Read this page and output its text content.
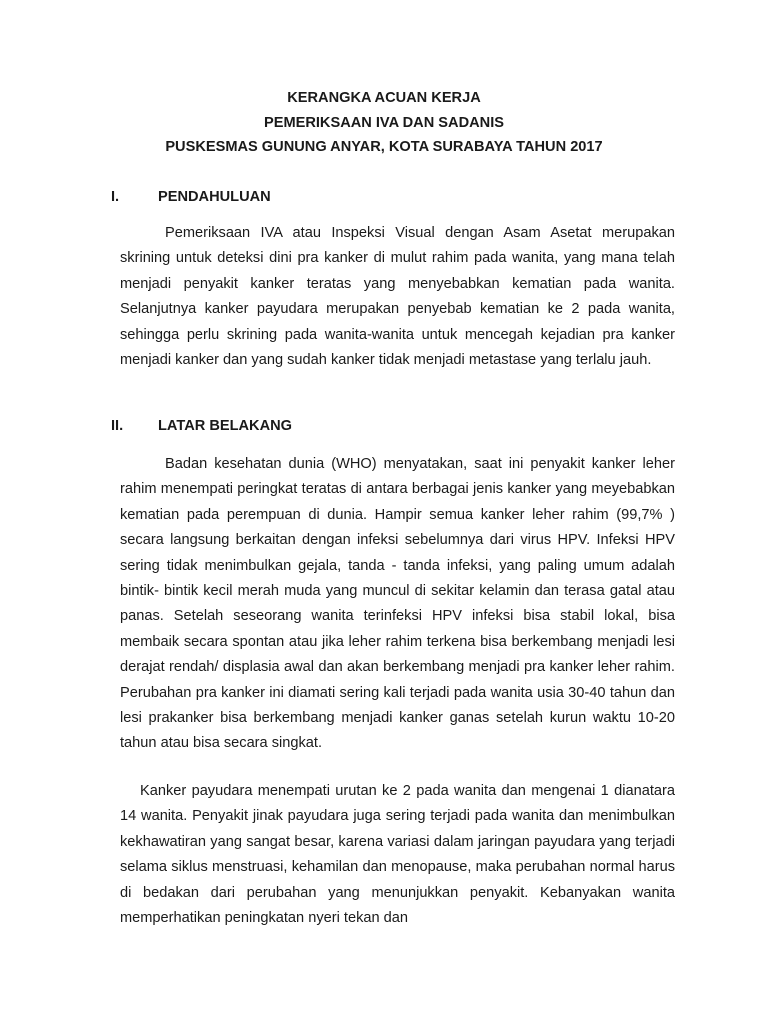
KERANGKA ACUAN KERJA
PEMERIKSAAN IVA DAN SADANIS
PUSKESMAS GUNUNG ANYAR, KOTA SURABAYA TAHUN 2017
I.	PENDAHULUAN

Pemeriksaan IVA atau Inspeksi Visual dengan Asam Asetat merupakan skrining untuk deteksi dini pra kanker di mulut rahim pada wanita, yang mana telah menjadi penyakit kanker teratas yang menyebabkan kematian pada wanita. Selanjutnya kanker payudara merupakan penyebab kematian ke 2 pada wanita, sehingga perlu skrining pada wanita-wanita untuk mencegah kejadian pra kanker menjadi kanker dan yang sudah kanker tidak menjadi metastase yang terlalu jauh.

II. LATAR BELAKANG

Badan kesehatan dunia (WHO) menyatakan, saat ini penyakit kanker leher rahim menempati peringkat teratas di antara berbagai jenis kanker yang meyebabkan kematian pada perempuan di dunia. Hampir semua kanker leher rahim (99,7% ) secara langsung berkaitan dengan infeksi sebelumnya dari virus HPV. Infeksi HPV sering tidak menimbulkan gejala, tanda - tanda infeksi, yang paling umum adalah bintik- bintik kecil merah muda yang muncul di sekitar kelamin dan terasa gatal atau panas. Setelah seseorang wanita terinfeksi HPV infeksi bisa stabil lokal, bisa membaik secara spontan atau jika leher rahim terkena bisa berkembang menjadi lesi derajat rendah/ displasia awal dan akan berkembang menjadi pra kanker leher rahim. Perubahan pra kanker ini diamati sering kali terjadi pada wanita usia 30-40 tahun dan lesi prakanker bisa berkembang menjadi kanker ganas setelah kurun waktu 10-20 tahun atau bisa secara singkat.

Kanker payudara menempati urutan ke 2 pada wanita dan mengenai 1 dianatara 14 wanita. Penyakit jinak payudara juga sering terjadi pada wanita dan menimbulkan kekhawatiran yang sangat besar, karena variasi dalam jaringan payudara yang terjadi selama siklus menstruasi, kehamilan dan menopause, maka perubahan normal harus di bedakan dari perubahan yang menunjukkan penyakit. Kebanyakan wanita memperhatikan peningkatan nyeri tekan dan
